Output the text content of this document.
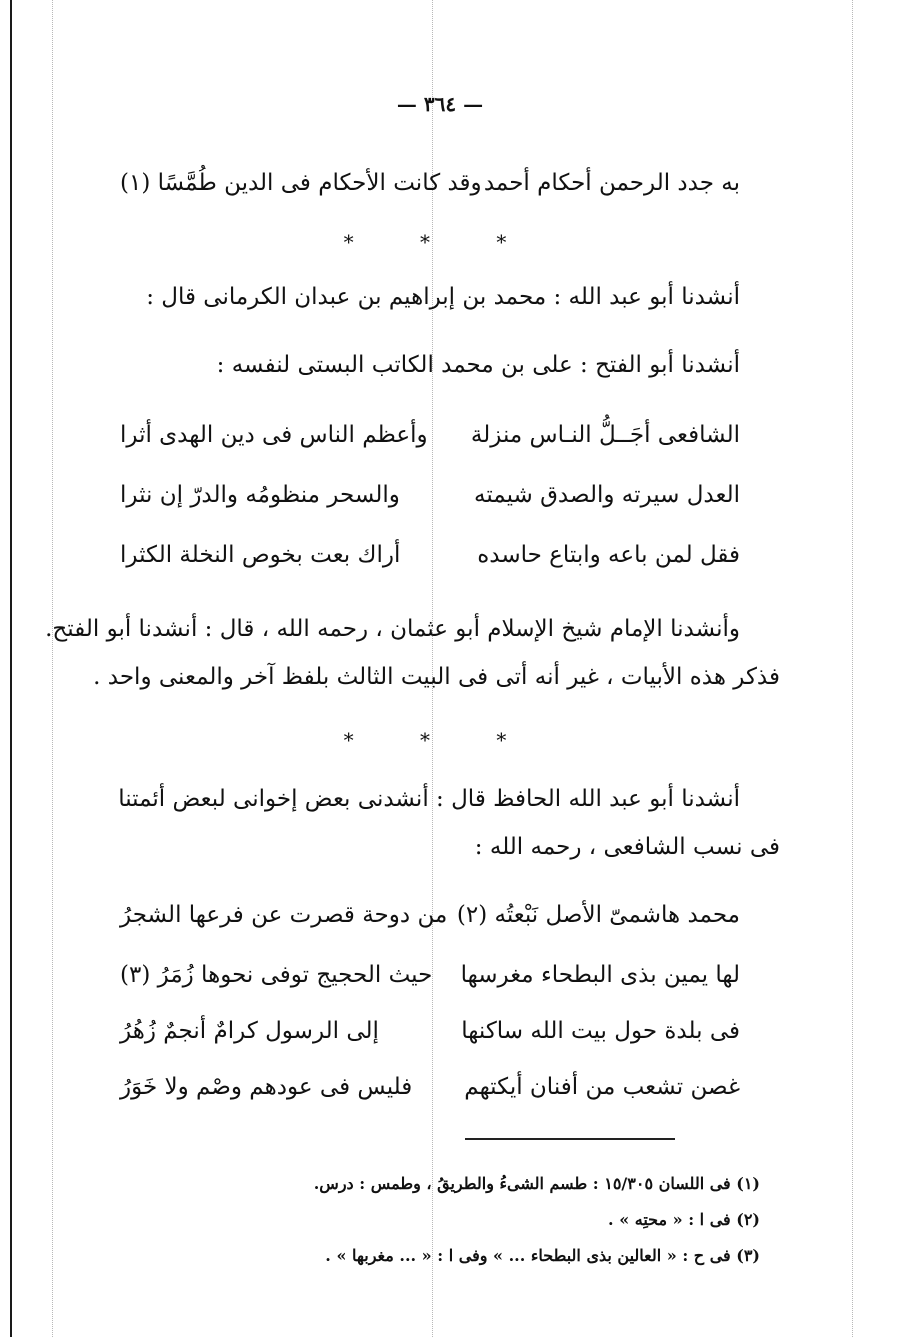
— ٣٦٤ —
به جدد الرحمن أحكام أحمد
وقد كانت الأحكام فى الدين طُمَّسًا (١)
* * *
أنشدنا أبو عبد الله : محمد بن إبراهيم بن عبدان الكرمانى قال :
أنشدنا أبو الفتح : على بن محمد الكاتب البستى لنفسه :
الشافعى أجَــلُّ النـاس منزلة
وأعظم الناس فى دين الهدى أثرا
العدل سيرته والصدق شيمته
والسحر منظومُه والدرّ إن نثرا
فقل لمن باعه وابتاع حاسده
أراك بعت بخوص النخلة الكثرا
وأنشدنا الإمام شيخ الإسلام أبو عثمان ، رحمه الله ، قال : أنشدنا أبو الفتح.
فذكر هذه الأبيات ، غير أنه أتى فى البيت الثالث بلفظ آخر والمعنى واحد .
* * *
أنشدنا أبو عبد الله الحافظ قال : أنشدنى بعض إخوانى لبعض أئمتنا
فى نسب الشافعى ، رحمه الله :
محمد هاشمىّ الأصل نَبْعتُه (٢)
من دوحة قصرت عن فرعها الشجرُ
لها يمين بذى البطحاء مغرسها
حيث الحجيج توفى نحوها زُمَرُ (٣)
فى بلدة حول بيت الله ساكنها
إلى الرسول كرامٌ أنجمٌ زُهُرُ
غصن تشعب من أفنان أيكتهم
فليس فى عودهم وصْم ولا خَوَرُ
(١) فى اللسان ١٥/٣٠٥ : طسم الشىءُ والطريقُ ، وطمس : درس.
(٢) فى ا : « محتِه » .
(٣) فى ح : « العالين بذى البطحاء ... » وفى ا : « ... مغربها » .
